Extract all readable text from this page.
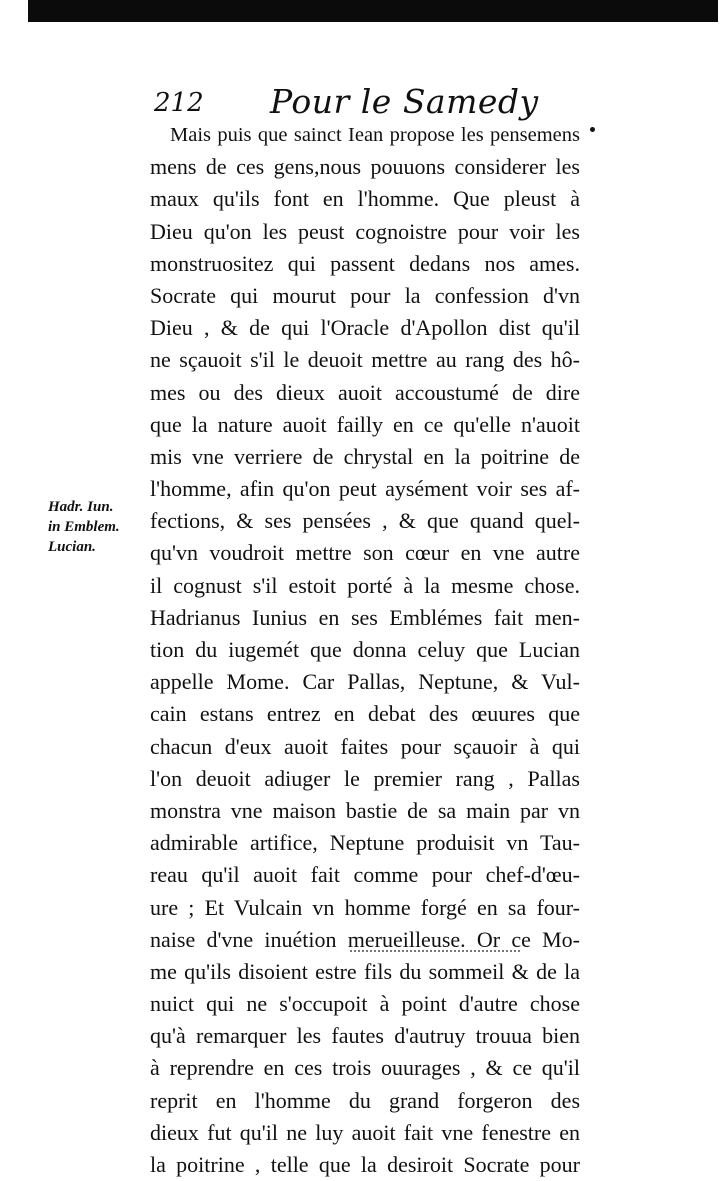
212 Pour le Samedy
Hadr. Iun.
in Emblem.
Lucian.
Mais puis que sainct Iean propose les pensemens
mens de ces gens,nous pouuons considerer les
maux qu'ils font en l'homme. Que pleust à
Dieu qu'on les peust cognoistre pour voir les
monstruositez qui passent dedans nos ames.
Socrate qui mourut pour la confession d'vn
Dieu , & de qui l'Oracle d'Apollon dist qu'il
ne sçauoit s'il le deuoit mettre au rang des hô-
mes ou des dieux auoit accoustumé de dire
que la nature auoit failly en ce qu'elle n'auoit
mis vne verriere de chrystal en la poitrine de
l'homme, afin qu'on peut aysément voir ses af-
fections, & ses pensées , & que quand quel-
qu'vn voudroit mettre son cœur en vne autre
il cognust s'il estoit porté à la mesme chose.
Hadrianus Iunius en ses Emblémes fait men-
tion du iugemét que donna celuy que Lucian
appelle Mome. Car Pallas, Neptune, & Vul-
cain estans entrez en debat des œuures que
chacun d'eux auoit faites pour sçauoir à qui
l'on deuoit adiuger le premier rang , Pallas
monstra vne maison bastie de sa main par vn
admirable artifice, Neptune produisit vn Tau-
reau qu'il auoit fait comme pour chef-d'œu-
ure ; Et Vulcain vn homme forgé en sa four-
naise d'vne inuétion merueilleuse. Or ce Mo-
me qu'ils disoient estre fils du sommeil & de la
nuict qui ne s'occupoit à point d'autre chose
qu'à remarquer les fautes d'autruy trouua bien
à reprendre en ces trois ouurages , & ce qu'il
reprit en l'homme du grand forgeron des
dieux fut qu'il ne luy auoit fait vne fenestre en
la poitrine , telle que la desiroit Socrate pour
